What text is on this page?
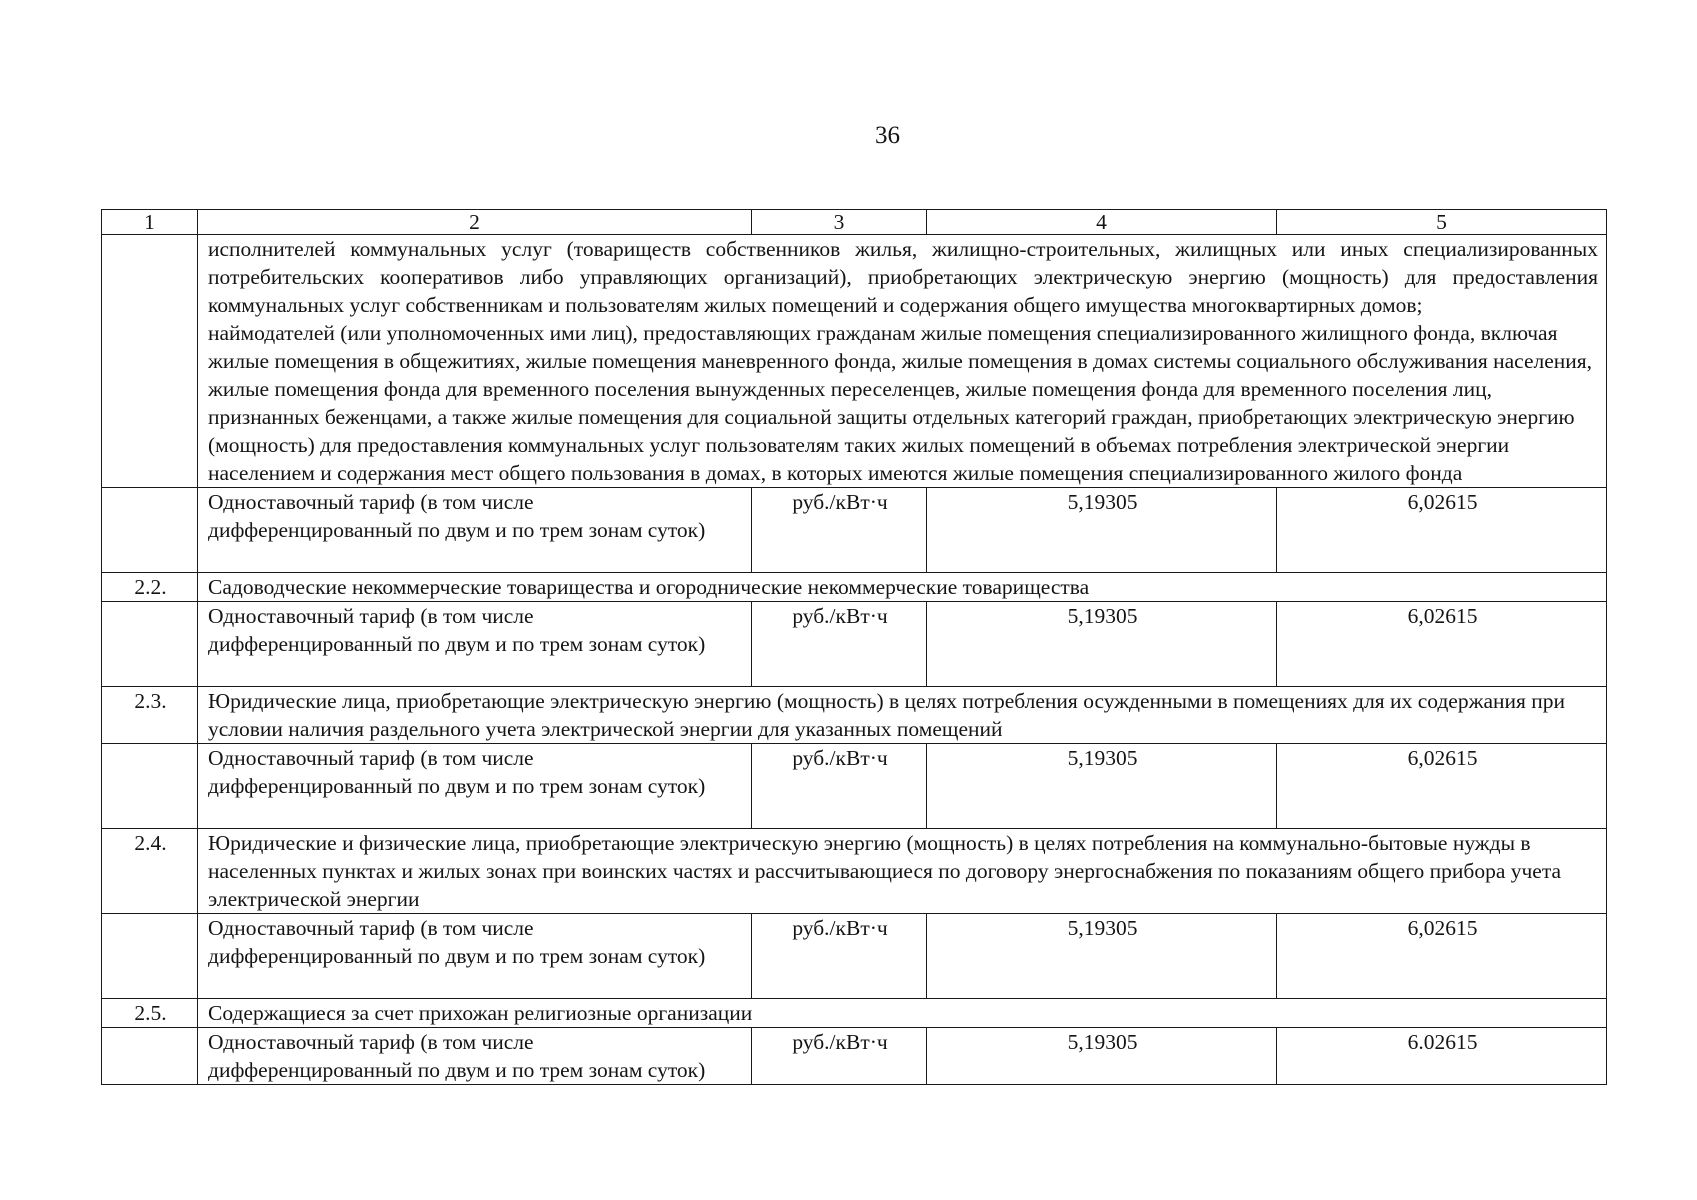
36
1	2	3	4	5

	исполнителей коммунальных услуг (товариществ собственников жилья, жилищно-строительных, жилищных или иных специализированных потребительских кооперативов либо управляющих организаций), приобретающих электрическую энергию (мощность) для предоставления коммунальных услуг собственникам и пользователям жилых помещений и содержания общего имущества многоквартирных домов;
наймодателей (или уполномоченных ими лиц), предоставляющих гражданам жилые помещения специализированного жилищного фонда, включая жилые помещения в общежитиях, жилые помещения маневренного фонда, жилые помещения в домах системы социального обслуживания населения, жилые помещения фонда для временного поселения вынужденных переселенцев, жилые помещения фонда для временного поселения лиц, признанных беженцами, а также жилые помещения для социальной защиты отдельных категорий граждан, приобретающих электрическую энергию (мощность) для предоставления коммунальных услуг пользователям таких жилых помещений в объемах потребления электрической энергии населением и содержания мест общего пользования в домах, в которых имеются жилые помещения специализированного жилого фонда			

	Одноставочный тариф (в том числе дифференцированный по двум и по трем зонам суток)	руб./кВт·ч	5,19305	6,02615
2.2.	Садоводческие некоммерческие товарищества и огороднические некоммерческие товарищества			
	Одноставочный тариф (в том числе дифференцированный по двум и по трем зонам суток)	руб./кВт·ч	5,19305	6,02615
2.3.	Юридические лица, приобретающие электрическую энергию (мощность) в целях потребления осужденными в помещениях для их содержания при условии наличия раздельного учета электрической энергии для указанных помещений			
	Одноставочный тариф (в том числе дифференцированный по двум и по трем зонам суток)	руб./кВт·ч	5,19305	6,02615
2.4.	Юридические и физические лица, приобретающие электрическую энергию (мощность) в целях потребления на коммунально-бытовые нужды в населенных пунктах и жилых зонах при воинских частях и рассчитывающиеся по договору энергоснабжения по показаниям общего прибора учета электрической энергии			
	Одноставочный тариф (в том числе дифференцированный по двум и по трем зонам суток)	руб./кВт·ч	5,19305	6,02615
2.5.	Содержащиеся за счет прихожан религиозные организации			
	Одноставочный тариф (в том числе дифференцированный по двум и по трем зонам суток)	руб./кВт·ч	5,19305	6.02615
